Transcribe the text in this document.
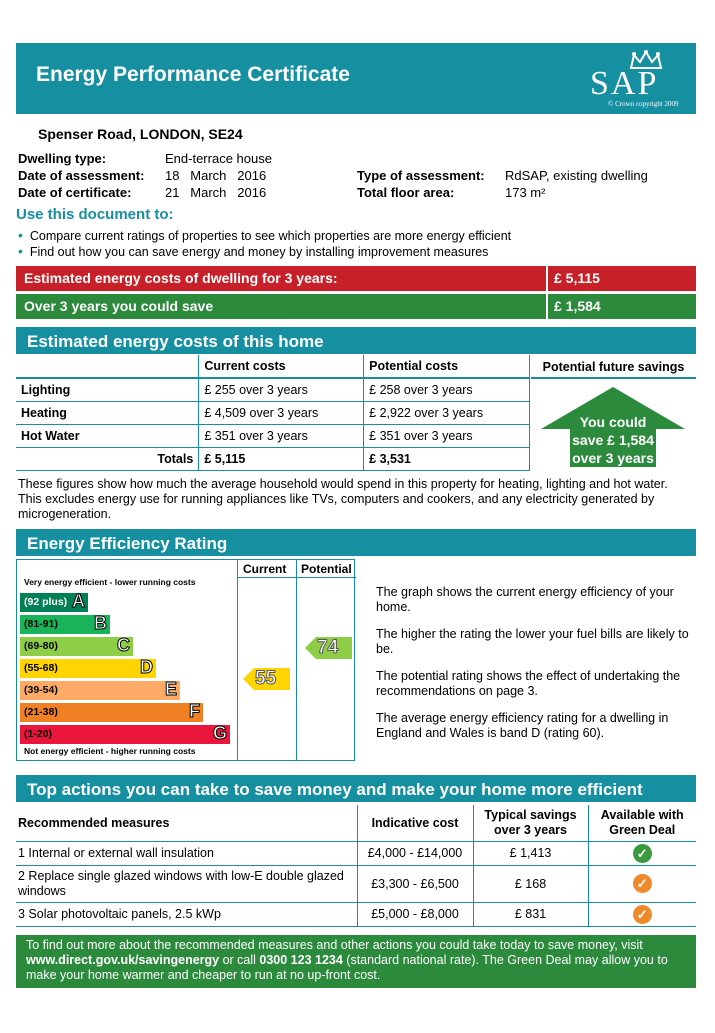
Energy Performance Certificate	SAP
© Crown copyright 2009
Spenser Road, LONDON, SE24
Dwelling type:	End-terrace house
Date of assessment: 18   March   2016
Date of certificate:	21   March   2016
Type of assessment: RdSAP, existing dwelling
Total floor area:	173 m²
Use this document to:
• Compare current ratings of properties to see which properties are more energy efficient
• Find out how you can save energy and money by installing improvement measures
Estimated energy costs of dwelling for 3 years:	£ 5,115
Over 3 years you could save	£ 1,584
Estimated energy costs of this home
	Current costs	Potential costs
Lighting	£ 255 over 3 years	£ 258 over 3 years
Heating	£ 4,509 over 3 years	£ 2,922 over 3 years
Hot Water	£ 351 over 3 years	£ 351 over 3 years
Totals	£ 5,115	£ 3,531
Potential future savings
You could
save £ 1,584
over 3 years
These figures show how much the average household would spend in this property for heating, lighting and hot water. This excludes energy use for running appliances like TVs, computers and cookers, and any electricity generated by microgeneration.
Energy Efficiency Rating
Current Potential
Very energy efficient - lower running costs
Not energy efficient - higher running costs
(92 plus) A
(81-91) B
(69-80)	C
(55-68)	D
(39-54)	E
(21-38)	F
(1-20)	G
55
74

The graph shows the current energy efficiency of your home.

The higher the rating the lower your fuel bills are likely to be.

The potential rating shows the effect of undertaking the recommendations on page 3.

The average energy efficiency rating for a dwelling in England and Wales is band D (rating 60).

Top actions you can take to save money and make your home more efficient
Recommended measures	Indicative cost	Typical savings over 3 years	Available with Green Deal
1 Internal or external wall insulation	£4,000 - £14,000	£ 1,413	✓
2 Replace single glazed windows with low-E double glazed windows	£3,300 - £6,500	£ 168	✓
3 Solar photovoltaic panels, 2.5 kWp	£5,000 - £8,000	£ 831	✓
To find out more about the recommended measures and other actions you could take today to save money, visit www.direct.gov.uk/savingenergy or call 0300 123 1234 (standard national rate). The Green Deal may allow you to make your home warmer and cheaper to run at no up-front cost.
